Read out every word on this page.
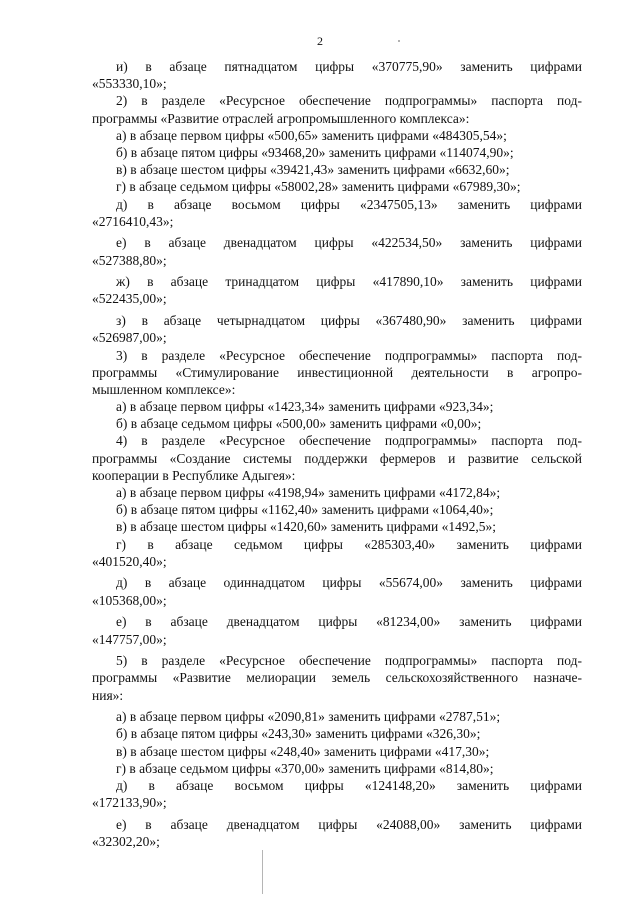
2
и) в абзаце пятнадцатом цифры «370775,90» заменить цифрами
«553330,10»;
2) в разделе «Ресурсное обеспечение подпрограммы» паспорта под-
программы «Развитие отраслей агропромышленного комплекса»:
а) в абзаце первом цифры «500,65» заменить цифрами «484305,54»;
б) в абзаце пятом цифры «93468,20» заменить цифрами «114074,90»;
в) в абзаце шестом цифры «39421,43» заменить цифрами «6632,60»;
г) в абзаце седьмом цифры «58002,28» заменить цифрами «67989,30»;
д) в абзаце восьмом цифры «2347505,13» заменить цифрами
«2716410,43»;
е) в абзаце двенадцатом цифры «422534,50» заменить цифрами
«527388,80»;
ж) в абзаце тринадцатом цифры «417890,10» заменить цифрами
«522435,00»;
з) в абзаце четырнадцатом цифры «367480,90» заменить цифрами
«526987,00»;
3) в разделе «Ресурсное обеспечение подпрограммы» паспорта под-
программы «Стимулирование инвестиционной деятельности в агропро-
мышленном комплексе»:
а) в абзаце первом цифры «1423,34» заменить цифрами «923,34»;
б) в абзаце седьмом цифры «500,00» заменить цифрами «0,00»;
4) в разделе «Ресурсное обеспечение подпрограммы» паспорта под-
программы «Создание системы поддержки фермеров и развитие сельской
кооперации в Республике Адыгея»:
а) в абзаце первом цифры «4198,94» заменить цифрами «4172,84»;
б) в абзаце пятом цифры «1162,40» заменить цифрами «1064,40»;
в) в абзаце шестом цифры «1420,60» заменить цифрами «1492,5»;
г) в абзаце седьмом цифры «285303,40» заменить цифрами
«401520,40»;
д) в абзаце одиннадцатом цифры «55674,00» заменить цифрами
«105368,00»;
е) в абзаце двенадцатом цифры «81234,00» заменить цифрами
«147757,00»;
5) в разделе «Ресурсное обеспечение подпрограммы» паспорта под-
программы «Развитие мелиорации земель сельскохозяйственного назначе-
ния»:
а) в абзаце первом цифры «2090,81» заменить цифрами «2787,51»;
б) в абзаце пятом цифры «243,30» заменить цифрами «326,30»;
в) в абзаце шестом цифры «248,40» заменить цифрами «417,30»;
г) в абзаце седьмом цифры «370,00» заменить цифрами «814,80»;
д) в абзаце восьмом цифры «124148,20» заменить цифрами
«172133,90»;
е) в абзаце двенадцатом цифры «24088,00» заменить цифрами
«32302,20»;
